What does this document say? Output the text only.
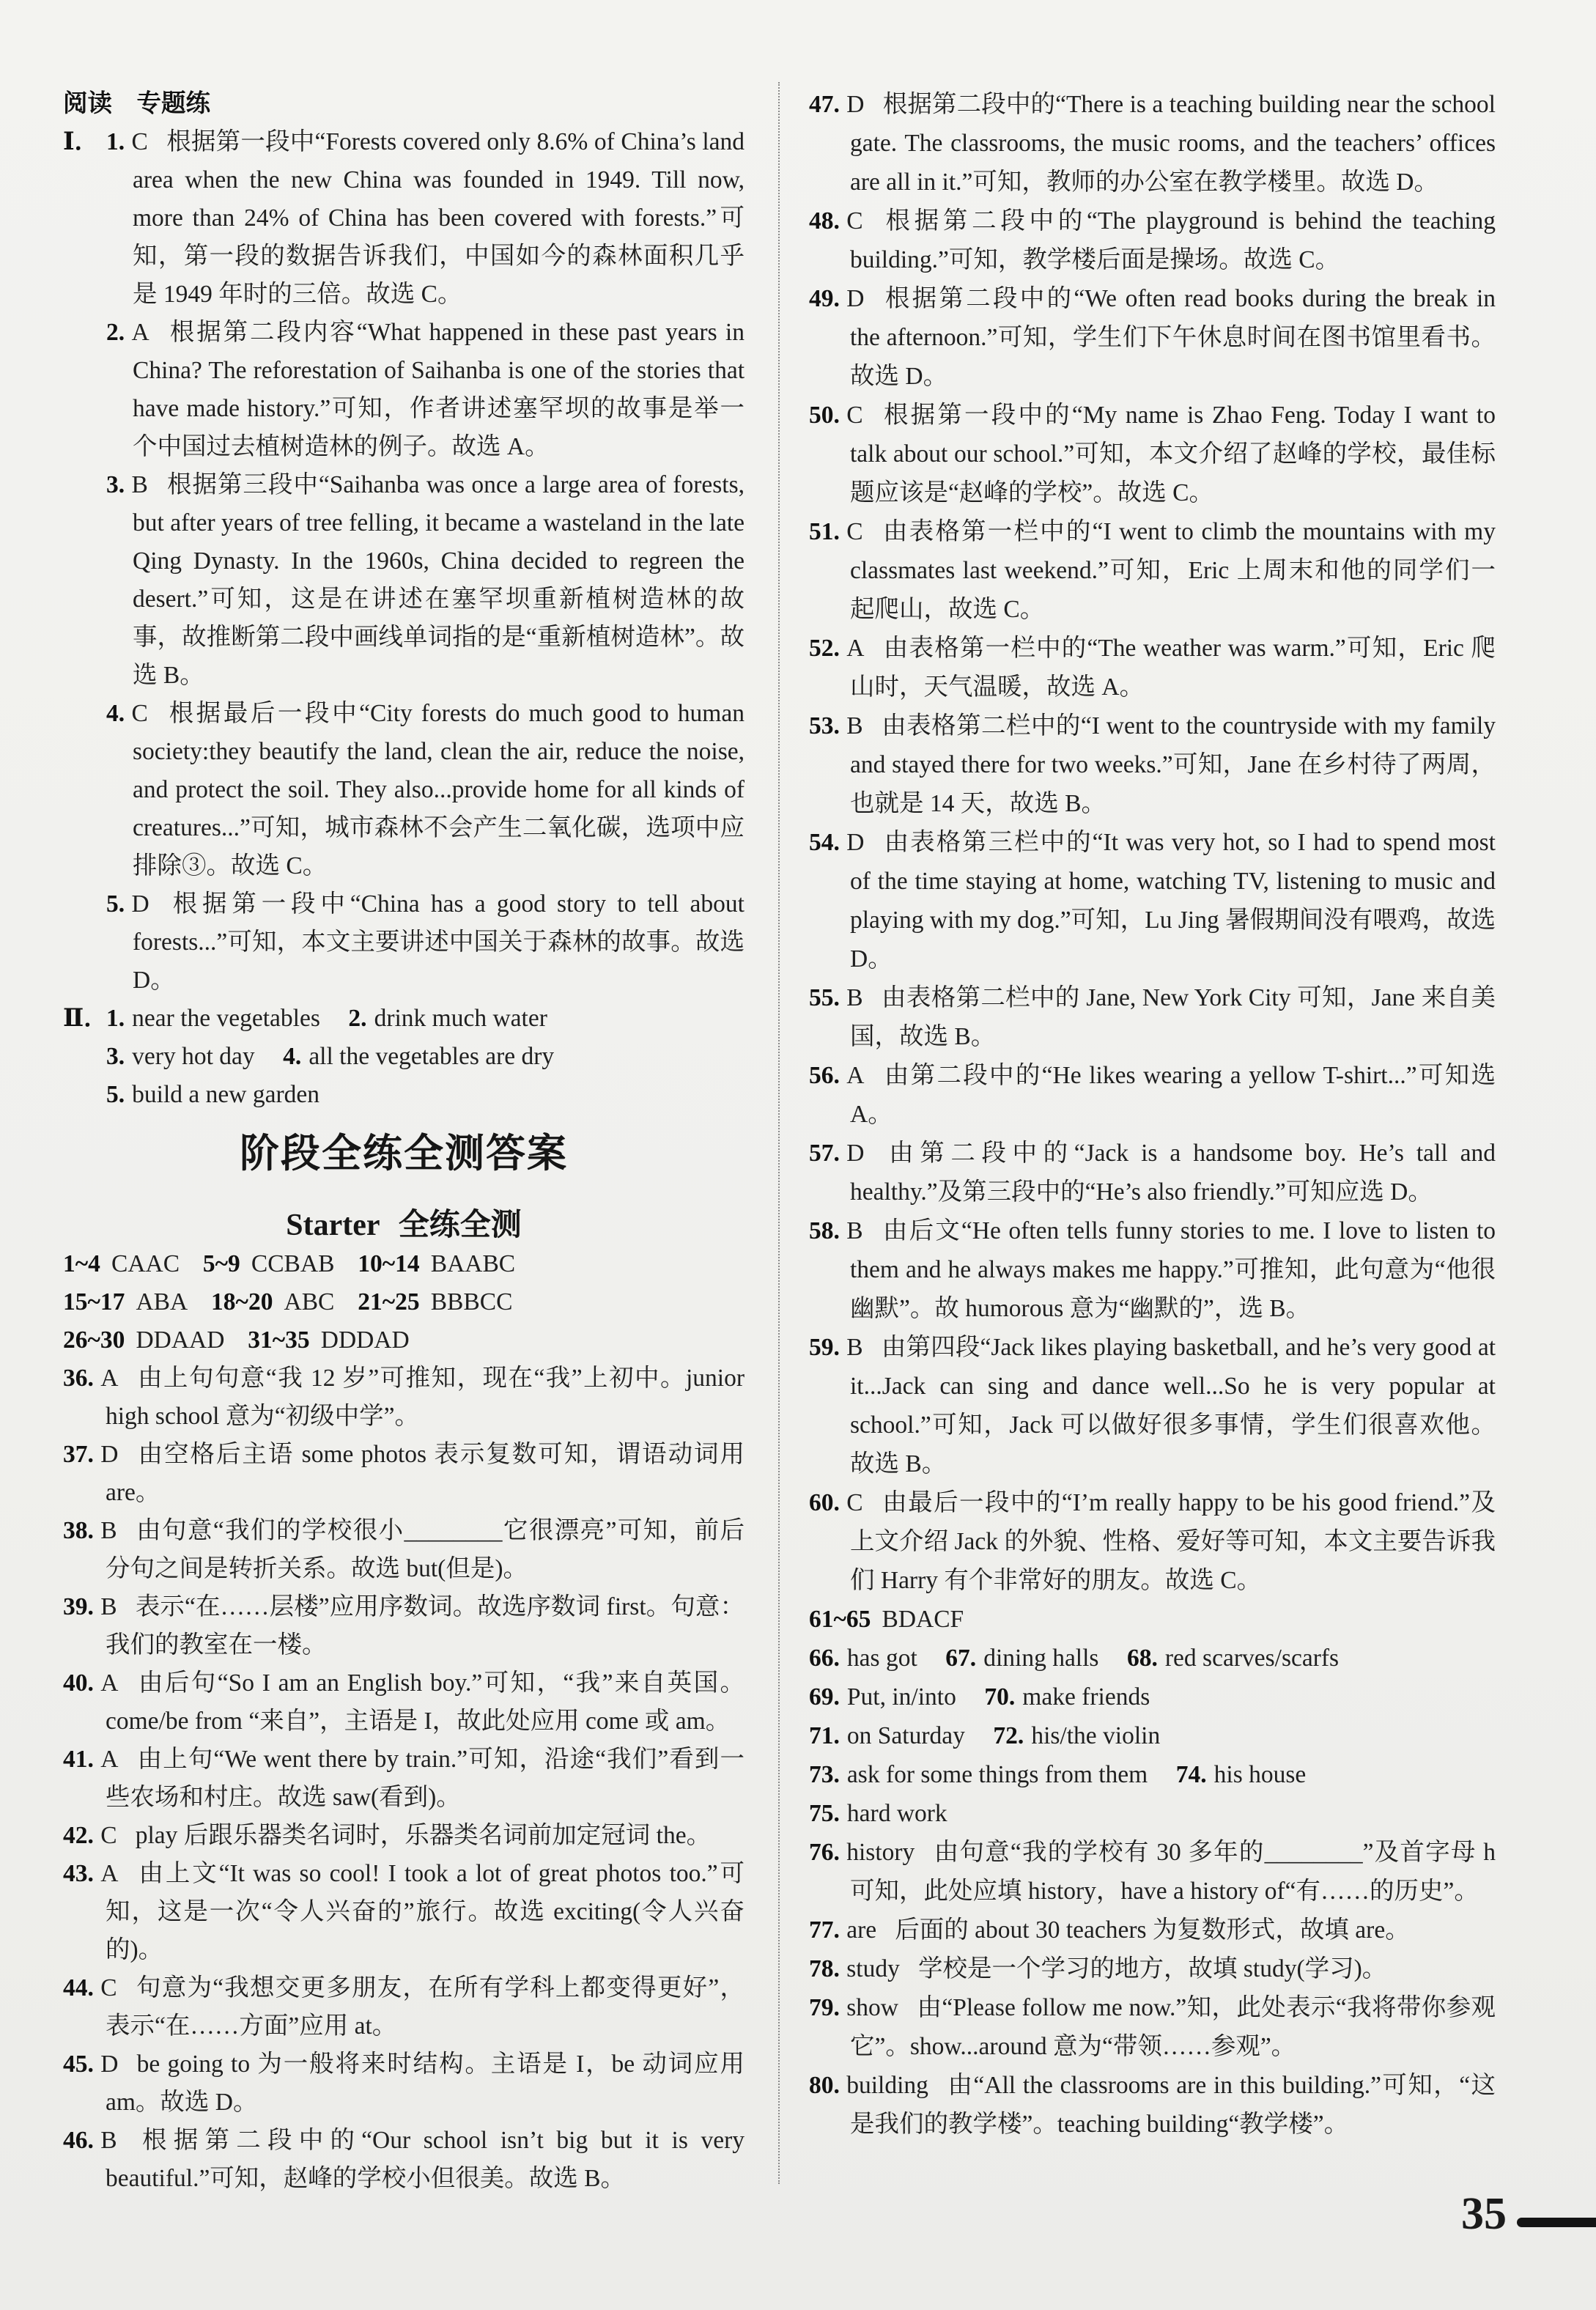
阅读　专题练

Ⅰ． 1. C 根据第一段中“Forests covered only 8.6% of China’s land area when the new China was founded in 1949. Till now, more than 24% of China has been covered with forests.”可知，第一段的数据告诉我们，中国如今的森林面积几乎是 1949 年时的三倍。故选 C。

2. A 根据第二段内容“What happened in these past years in China? The reforestation of Saihanba is one of the stories that have made history.”可知，作者讲述塞罕坝的故事是举一个中国过去植树造林的例子。故选 A。

3. B 根据第三段中“Saihanba was once a large area of forests, but after years of tree felling, it became a wasteland in the late Qing Dynasty. In the 1960s, China decided to regreen the desert.”可知，这是在讲述在塞罕坝重新植树造林的故事，故推断第二段中画线单词指的是“重新植树造林”。故选 B。

4. C 根据最后一段中“City forests do much good to human society:they beautify the land, clean the air, reduce the noise, and protect the soil. They also...provide home for all kinds of creatures...”可知，城市森林不会产生二氧化碳，选项中应排除③。故选 C。

5. D 根据第一段中“China has a good story to tell about forests...”可知，本文主要讲述中国关于森林的故事。故选 D。

Ⅱ．
1. near the vegetables 2. drink much water
3. very hot day 4. all the vegetables are dry
5. build a new garden

阶段全练全测答案

Starter 全练全测

1~4 CAAC 5~9 CCBAB 10~14 BAABC
15~17 ABA 18~20 ABC 21~25 BBBCC
26~30 DDAAD 31~35 DDDAD

36. A 由上句句意“我 12 岁”可推知，现在“我”上初中。junior high school 意为“初级中学”。

37. D 由空格后主语 some photos 表示复数可知，谓语动词用 are。

38. B 由句意“我们的学校很小________它很漂亮”可知，前后分句之间是转折关系。故选 but(但是)。

39. B 表示“在……层楼”应用序数词。故选序数词 first。句意：我们的教室在一楼。

40. A 由后句“So I am an English boy.”可知，“我”来自英国。come/be from “来自”，主语是 I，故此处应用 come 或 am。

41. A 由上句“We went there by train.”可知，沿途“我们”看到一些农场和村庄。故选 saw(看到)。

42. C play 后跟乐器类名词时，乐器类名词前加定冠词 the。

43. A 由上文“It was so cool! I took a lot of great photos too.”可知，这是一次“令人兴奋的”旅行。故选 exciting(令人兴奋的)。

44. C 句意为“我想交更多朋友，在所有学科上都变得更好”，表示“在……方面”应用 at。

45. D be going to 为一般将来时结构。主语是 I，be 动词应用 am。故选 D。

46. B 根据第二段中的“Our school isn’t big but it is very beautiful.”可知，赵峰的学校小但很美。故选 B。

47. D 根据第二段中的“There is a teaching building near the school gate. The classrooms, the music rooms, and the teachers’ offices are all in it.”可知，教师的办公室在教学楼里。故选 D。

48. C 根据第二段中的“The playground is behind the teaching building.”可知，教学楼后面是操场。故选 C。

49. D 根据第二段中的“We often read books during the break in the afternoon.”可知，学生们下午休息时间在图书馆里看书。故选 D。

50. C 根据第一段中的“My name is Zhao Feng. Today I want to talk about our school.”可知，本文介绍了赵峰的学校，最佳标题应该是“赵峰的学校”。故选 C。

51. C 由表格第一栏中的“I went to climb the mountains with my classmates last weekend.”可知，Eric 上周末和他的同学们一起爬山，故选 C。

52. A 由表格第一栏中的“The weather was warm.”可知，Eric 爬山时，天气温暖，故选 A。

53. B 由表格第二栏中的“I went to the countryside with my family and stayed there for two weeks.”可知，Jane 在乡村待了两周，也就是 14 天，故选 B。

54. D 由表格第三栏中的“It was very hot, so I had to spend most of the time staying at home, watching TV, listening to music and playing with my dog.”可知，Lu Jing 暑假期间没有喂鸡，故选 D。

55. B 由表格第二栏中的 Jane, New York City 可知，Jane 来自美国，故选 B。

56. A 由第二段中的“He likes wearing a yellow T-shirt...”可知选 A。

57. D 由第二段中的“Jack is a handsome boy. He’s tall and healthy.”及第三段中的“He’s also friendly.”可知应选 D。

58. B 由后文“He often tells funny stories to me. I love to listen to them and he always makes me happy.”可推知，此句意为“他很幽默”。故 humorous 意为“幽默的”，选 B。

59. B 由第四段“Jack likes playing basketball, and he’s very good at it...Jack can sing and dance well...So he is very popular at school.”可知，Jack 可以做好很多事情，学生们很喜欢他。故选 B。

60. C 由最后一段中的“I’m really happy to be his good friend.”及上文介绍 Jack 的外貌、性格、爱好等可知，本文主要告诉我们 Harry 有个非常好的朋友。故选 C。

61~65 BDACF
66. has got 67. dining halls 68. red scarves/scarfs
69. Put, in/into 70. make friends
71. on Saturday 72. his/the violin
73. ask for some things from them 74. his house
75. hard work

76. history 由句意“我的学校有 30 多年的________”及首字母 h 可知，此处应填 history，have a history of“有……的历史”。

77. are 后面的 about 30 teachers 为复数形式，故填 are。

78. study 学校是一个学习的地方，故填 study(学习)。

79. show 由“Please follow me now.”知，此处表示“我将带你参观它”。show...around 意为“带领……参观”。

80. building 由“All the classrooms are in this building.”可知，“这是我们的教学楼”。teaching building“教学楼”。

35
